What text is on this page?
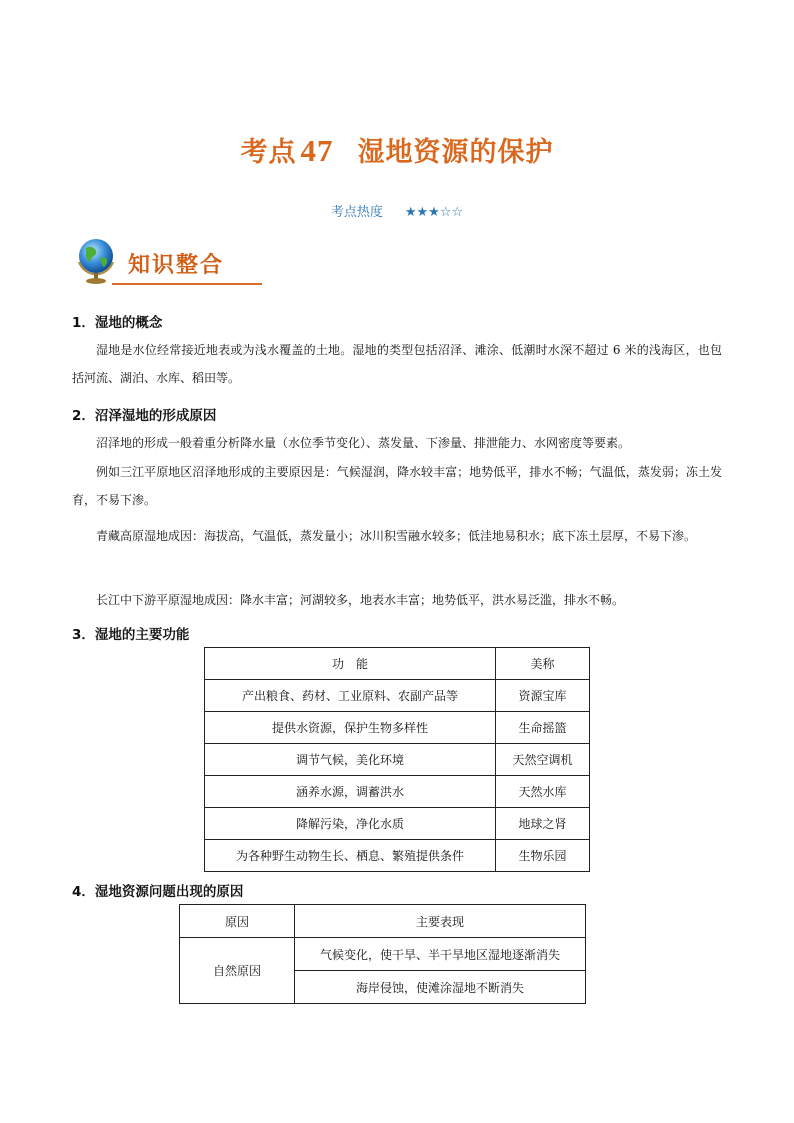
考点 47 湿地资源的保护
考点热度 ★★★☆☆
知识整合
1．湿地的概念
湿地是水位经常接近地表或为浅水覆盖的土地。湿地的类型包括沼泽、滩涂、低潮时水深不超过 6 米的浅海区，也包括河流、湖泊、水库、稻田等。
2．沼泽湿地的形成原因
沼泽地的形成一般着重分析降水量（水位季节变化）、蒸发量、下渗量、排泄能力、水网密度等要素。
例如三江平原地区沼泽地形成的主要原因是：气候湿润，降水较丰富；地势低平，排水不畅；气温低，蒸发弱；冻土发育，不易下渗。
青藏高原湿地成因：海拔高，气温低，蒸发量小；冰川积雪融水较多；低洼地易积水；底下冻土层厚，不易下渗。
长江中下游平原湿地成因：降水丰富；河湖较多，地表水丰富；地势低平，洪水易泛滥，排水不畅。
3．湿地的主要功能
功　能	美称
产出粮食、药材、工业原料、农副产品等	资源宝库
提供水资源，保护生物多样性	生命摇篮
调节气候，美化环境	天然空调机
涵养水源，调蓄洪水	天然水库
降解污染，净化水质	地球之肾
为各种野生动物生长、栖息、繁殖提供条件	生物乐园
4．湿地资源问题出现的原因
原因	主要表现
自然原因	气候变化，使干旱、半干旱地区湿地逐渐消失
	海岸侵蚀，使滩涂湿地不断消失
